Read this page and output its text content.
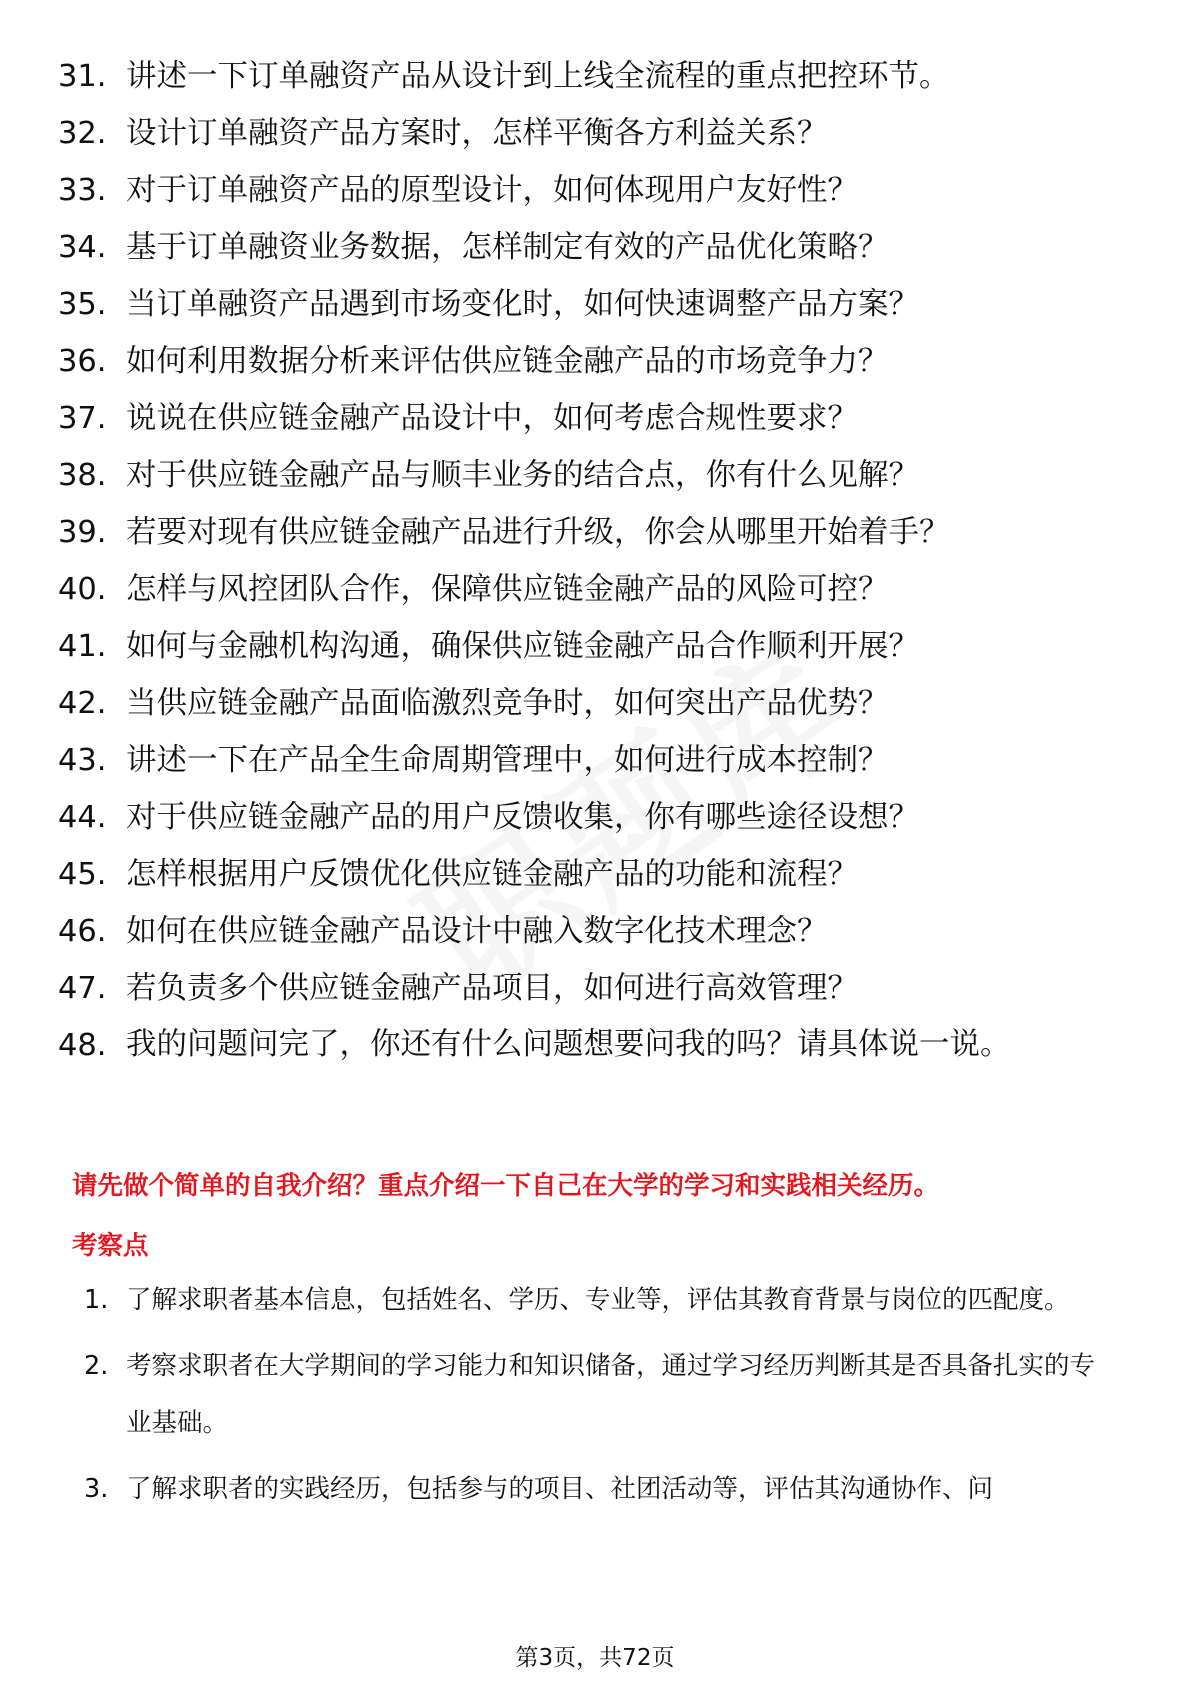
31. 讲述一下订单融资产品从设计到上线全流程的重点把控环节。
32. 设计订单融资产品方案时，怎样平衡各方利益关系？
33. 对于订单融资产品的原型设计，如何体现用户友好性？
34. 基于订单融资业务数据，怎样制定有效的产品优化策略？
35. 当订单融资产品遇到市场变化时，如何快速调整产品方案？
36. 如何利用数据分析来评估供应链金融产品的市场竞争力？
37. 说说在供应链金融产品设计中，如何考虑合规性要求？
38. 对于供应链金融产品与顺丰业务的结合点，你有什么见解？
39. 若要对现有供应链金融产品进行升级，你会从哪里开始着手？
40. 怎样与风控团队合作，保障供应链金融产品的风险可控？
41. 如何与金融机构沟通，确保供应链金融产品合作顺利开展？
42. 当供应链金融产品面临激烈竞争时，如何突出产品优势？
43. 讲述一下在产品全生命周期管理中，如何进行成本控制？
44. 对于供应链金融产品的用户反馈收集，你有哪些途径设想？
45. 怎样根据用户反馈优化供应链金融产品的功能和流程？
46. 如何在供应链金融产品设计中融入数字化技术理念？
47. 若负责多个供应链金融产品项目，如何进行高效管理？
48. 我的问题问完了，你还有什么问题想要问我的吗？请具体说一说。
请先做个简单的自我介绍？重点介绍一下自己在大学的学习和实践相关经历。
考察点
1. 了解求职者基本信息，包括姓名、学历、专业等，评估其教育背景与岗位的匹配度。
2. 考察求职者在大学期间的学习能力和知识储备，通过学习经历判断其是否具备扎实的专业基础。
3. 了解求职者的实践经历，包括参与的项目、社团活动等，评估其沟通协作、问
第3页，共72页
